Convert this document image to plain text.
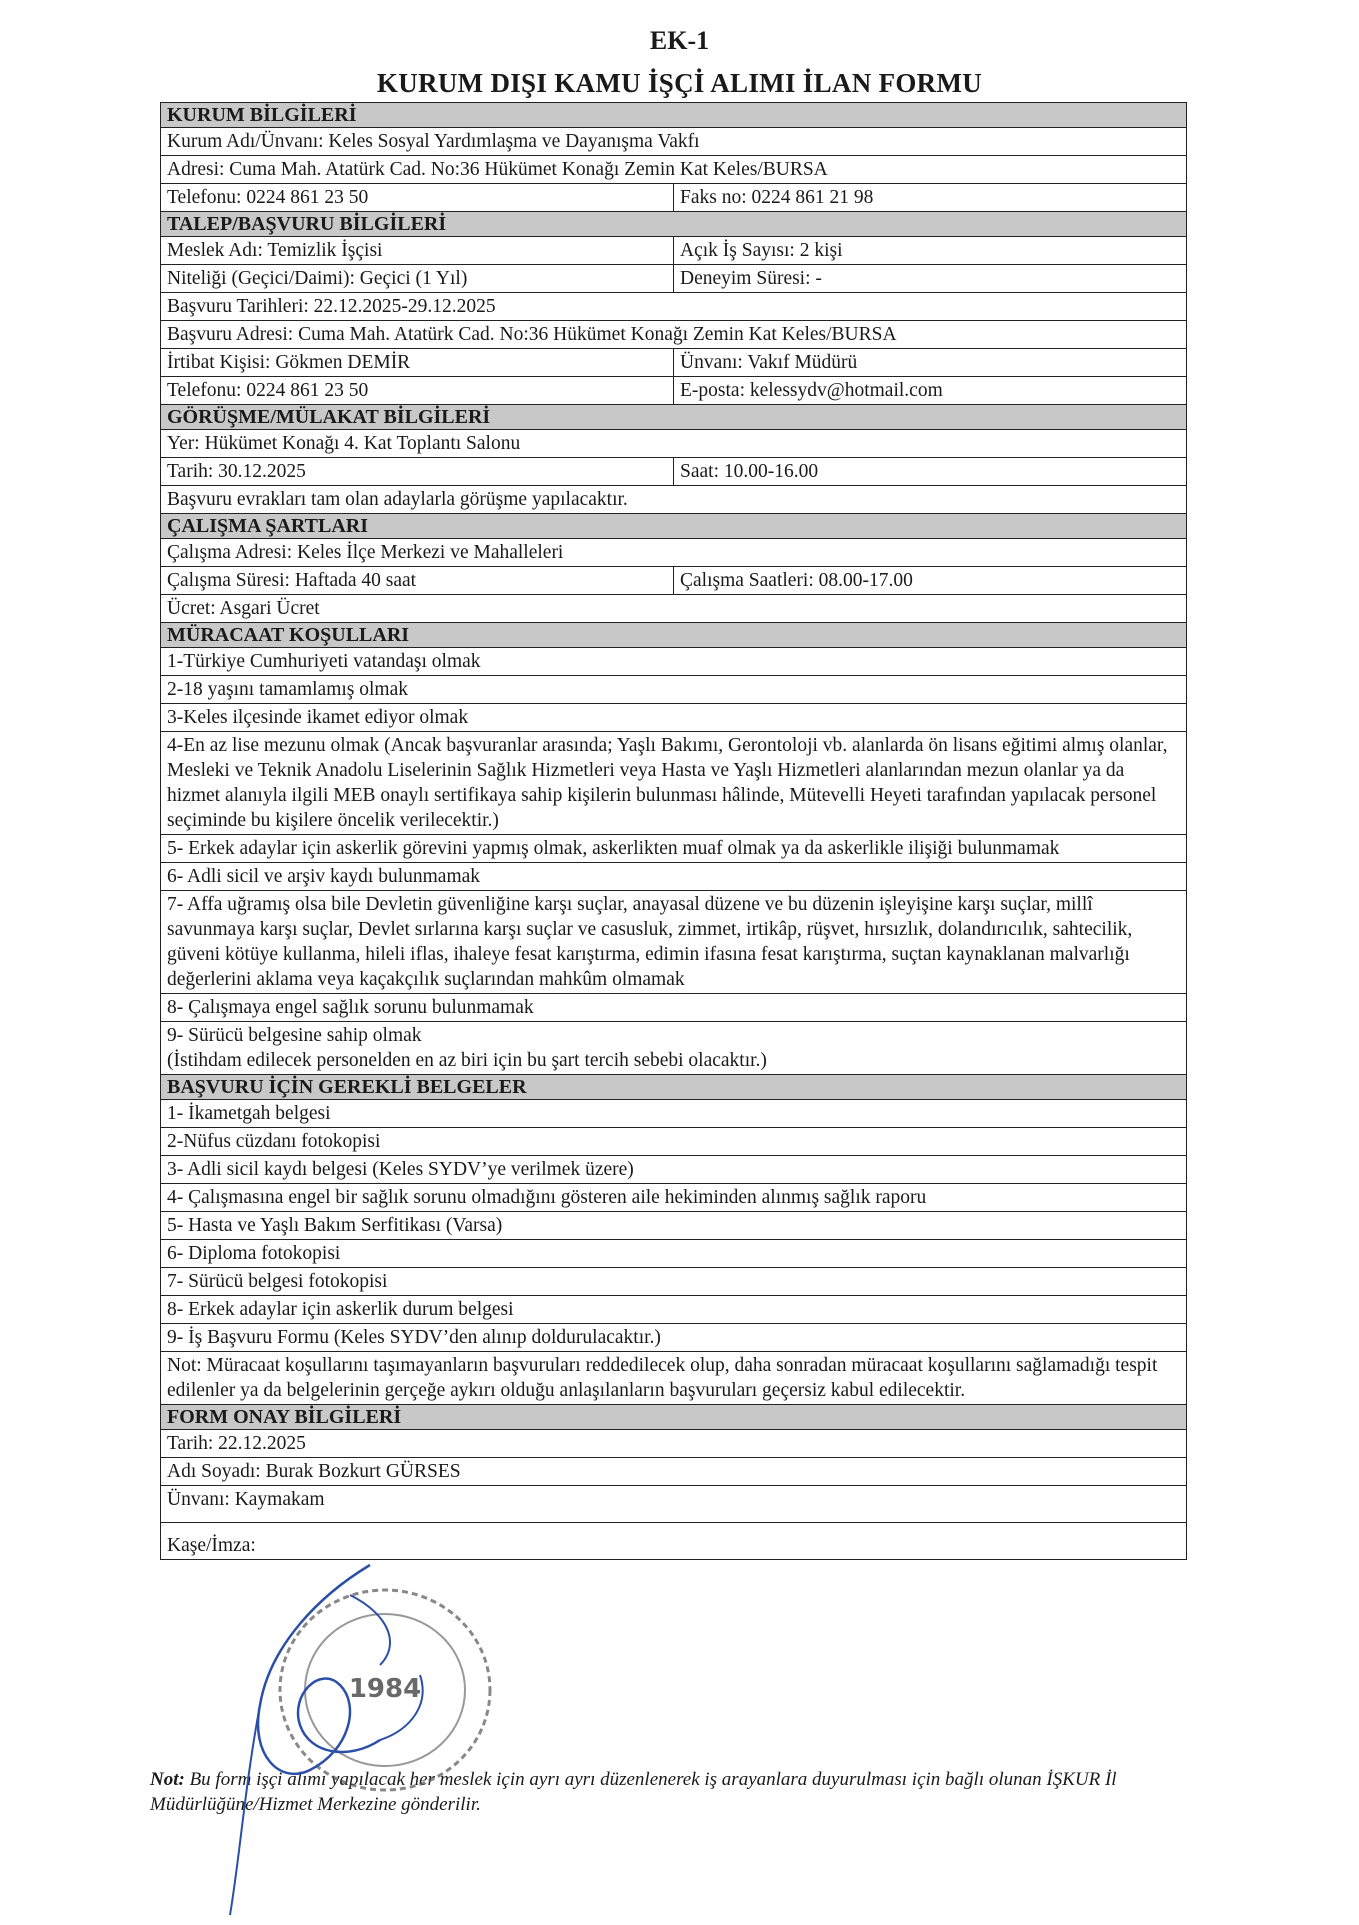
EK-1
KURUM DIŞI KAMU İŞÇİ ALIMI İLAN FORMU
KURUM BİLGİLERİ	
Kurum Adı/Ünvanı: Keles Sosyal Yardımlaşma ve Dayanışma Vakfı	
Adresi: Cuma Mah. Atatürk Cad. No:36 Hükümet Konağı Zemin Kat Keles/BURSA	
Telefonu: 0224 861 23 50	Faks no: 0224 861 21 98
TALEP/BAŞVURU BİLGİLERİ	
Meslek Adı: Temizlik İşçisi	Açık İş Sayısı: 2 kişi
Niteliği (Geçici/Daimi): Geçici (1 Yıl)	Deneyim Süresi: -
Başvuru Tarihleri: 22.12.2025-29.12.2025	
Başvuru Adresi: Cuma Mah. Atatürk Cad. No:36 Hükümet Konağı Zemin Kat Keles/BURSA	
İrtibat Kişisi: Gökmen DEMİR	Ünvanı: Vakıf Müdürü
Telefonu: 0224 861 23 50	E-posta: kelessydv@hotmail.com
GÖRÜŞME/MÜLAKAT BİLGİLERİ	
Yer: Hükümet Konağı 4. Kat Toplantı Salonu	
Tarih: 30.12.2025	Saat: 10.00-16.00
Başvuru evrakları tam olan adaylarla görüşme yapılacaktır.	
ÇALIŞMA ŞARTLARI	
Çalışma Adresi: Keles İlçe Merkezi ve Mahalleleri	
Çalışma Süresi: Haftada 40 saat	Çalışma Saatleri: 08.00-17.00
Ücret: Asgari Ücret	
MÜRACAAT KOŞULLARI	
1-Türkiye Cumhuriyeti vatandaşı olmak	
2-18 yaşını tamamlamış olmak	
3-Keles ilçesinde ikamet ediyor olmak	
4-En az lise mezunu olmak (Ancak başvuranlar arasında; Yaşlı Bakımı, Gerontoloji vb. alanlarda ön lisans eğitimi almış olanlar, Mesleki ve Teknik Anadolu Liselerinin Sağlık Hizmetleri veya Hasta ve Yaşlı Hizmetleri alanlarından mezun olanlar ya da hizmet alanıyla ilgili MEB onaylı sertifikaya sahip kişilerin bulunması hâlinde, Mütevelli Heyeti tarafından yapılacak personel seçiminde bu kişilere öncelik verilecektir.)	
5- Erkek adaylar için askerlik görevini yapmış olmak, askerlikten muaf olmak ya da askerlikle ilişiği bulunmamak	
6- Adli sicil ve arşiv kaydı bulunmamak	
7- Affa uğramış olsa bile Devletin güvenliğine karşı suçlar, anayasal düzene ve bu düzenin işleyişine karşı suçlar, millî savunmaya karşı suçlar, Devlet sırlarına karşı suçlar ve casusluk, zimmet, irtikâp, rüşvet, hırsızlık, dolandırıcılık, sahtecilik, güveni kötüye kullanma, hileli iflas, ihaleye fesat karıştırma, edimin ifasına fesat karıştırma, suçtan kaynaklanan malvarlığı değerlerini aklama veya kaçakçılık suçlarından mahkûm olmamak	
8- Çalışmaya engel sağlık sorunu bulunmamak	

9- Sürücü belgesine sahip olmak
(İstihdam edilecek personelden en az biri için bu şart tercih sebebi olacaktır.)	

BAŞVURU İÇİN GEREKLİ BELGELER	
1- İkametgah belgesi	
2-Nüfus cüzdanı fotokopisi	
3- Adli sicil kaydı belgesi (Keles SYDV’ye verilmek üzere)	
4- Çalışmasına engel bir sağlık sorunu olmadığını gösteren aile hekiminden alınmış sağlık raporu	
5- Hasta ve Yaşlı Bakım Serfitikası (Varsa)	
6- Diploma fotokopisi	
7- Sürücü belgesi fotokopisi	
8- Erkek adaylar için askerlik durum belgesi	
9- İş Başvuru Formu (Keles SYDV’den alınıp doldurulacaktır.)	
Not: Müracaat koşullarını taşımayanların başvuruları reddedilecek olup, daha sonradan müracaat koşullarını sağlamadığı tespit edilenler ya da belgelerinin gerçeğe aykırı olduğu anlaşılanların başvuruları geçersiz kabul edilecektir.	
FORM ONAY BİLGİLERİ	
Tarih: 22.12.2025	
Adı Soyadı: Burak Bozkurt GÜRSES	
Ünvanı: Kaymakam	
Kaşe/İmza:	
Not: Bu form işçi alımı yapılacak her meslek için ayrı ayrı düzenlenerek iş arayanlara duyurulması için bağlı olunan İŞKUR İl Müdürlüğüne/Hizmet Merkezine gönderilir.
1984
